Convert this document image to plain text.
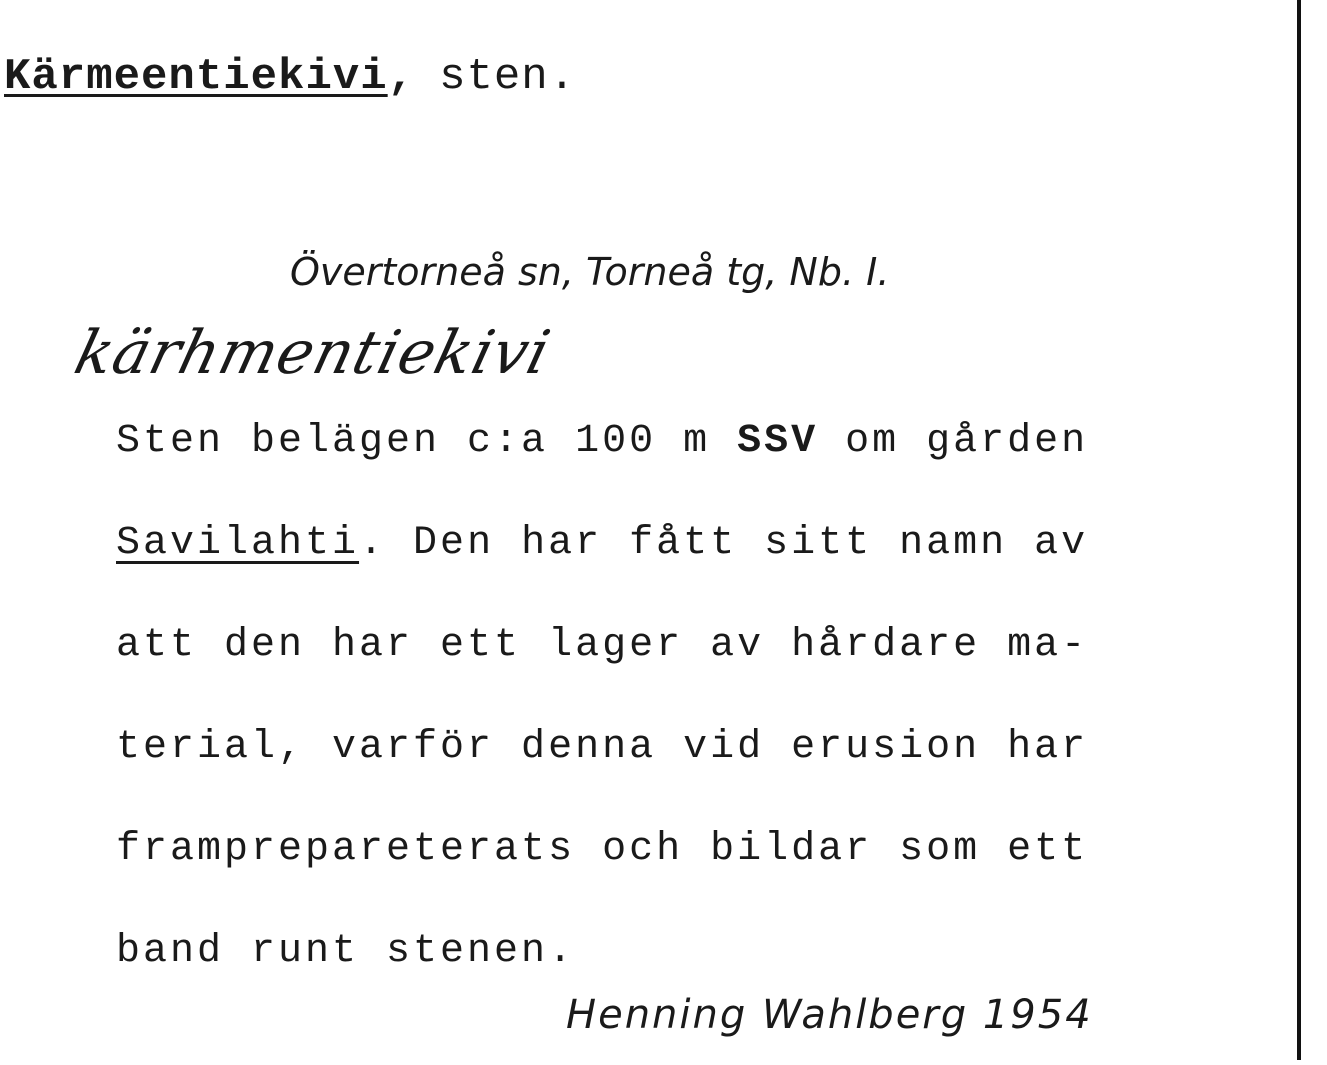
Kärmeentiekivi, sten.
Övertorneå sn, Torneå tg, Nb. I.
kärhmentiekivi
Sten belägen c:a 100 m SSV om gården
Savilahti. Den har fått sitt namn av
att den har ett lager av hårdare ma-
terial, varför denna vid erusion har
framprepareterats och bildar som ett
band runt stenen.
Henning Wahlberg 1954
